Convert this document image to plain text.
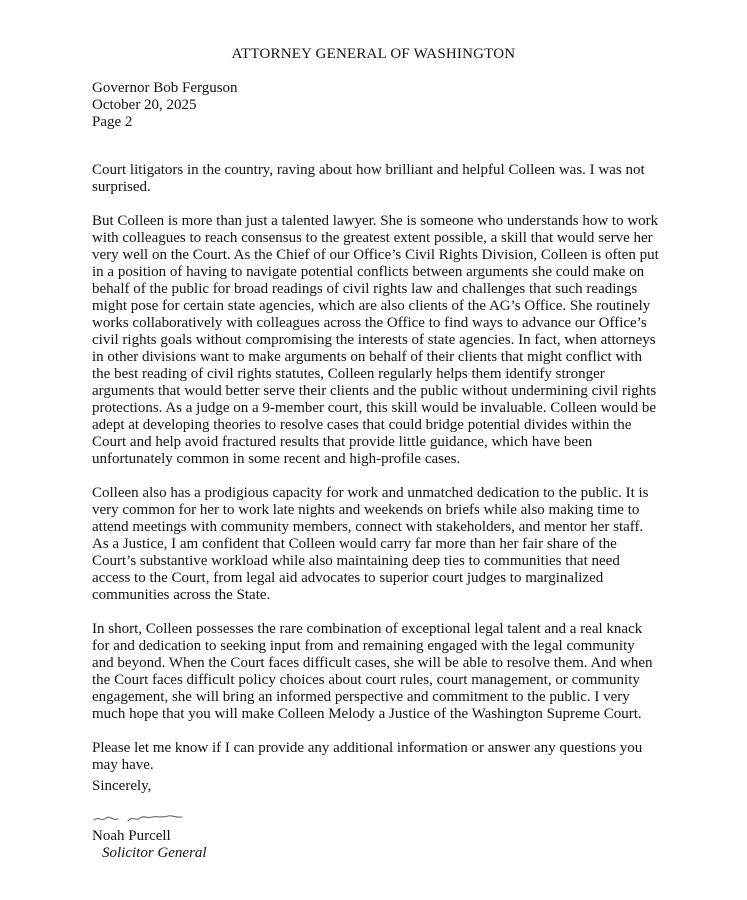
ATTORNEY GENERAL OF WASHINGTON
Governor Bob Ferguson
October 20, 2025
Page 2

Court litigators in the country, raving about how brilliant and helpful Colleen was. I was not surprised.

But Colleen is more than just a talented lawyer. She is someone who understands how to work with colleagues to reach consensus to the greatest extent possible, a skill that would serve her very well on the Court. As the Chief of our Office’s Civil Rights Division, Colleen is often put in a position of having to navigate potential conflicts between arguments she could make on behalf of the public for broad readings of civil rights law and challenges that such readings might pose for certain state agencies, which are also clients of the AG’s Office. She routinely works collaboratively with colleagues across the Office to find ways to advance our Office’s civil rights goals without compromising the interests of state agencies. In fact, when attorneys in other divisions want to make arguments on behalf of their clients that might conflict with the best reading of civil rights statutes, Colleen regularly helps them identify stronger arguments that would better serve their clients and the public without undermining civil rights protections. As a judge on a 9-member court, this skill would be invaluable. Colleen would be adept at developing theories to resolve cases that could bridge potential divides within the Court and help avoid fractured results that provide little guidance, which have been unfortunately common in some recent and high-profile cases.

Colleen also has a prodigious capacity for work and unmatched dedication to the public. It is very common for her to work late nights and weekends on briefs while also making time to attend meetings with community members, connect with stakeholders, and mentor her staff. As a Justice, I am confident that Colleen would carry far more than her fair share of the Court’s substantive workload while also maintaining deep ties to communities that need access to the Court, from legal aid advocates to superior court judges to marginalized communities across the State.

In short, Colleen possesses the rare combination of exceptional legal talent and a real knack for and dedication to seeking input from and remaining engaged with the legal community and beyond. When the Court faces difficult cases, she will be able to resolve them. And when the Court faces difficult policy choices about court rules, court management, or community engagement, she will bring an informed perspective and commitment to the public. I very much hope that you will make Colleen Melody a Justice of the Washington Supreme Court.

Please let me know if I can provide any additional information or answer any questions you may have.

Sincerely,
Noah Purcell
Solicitor General
